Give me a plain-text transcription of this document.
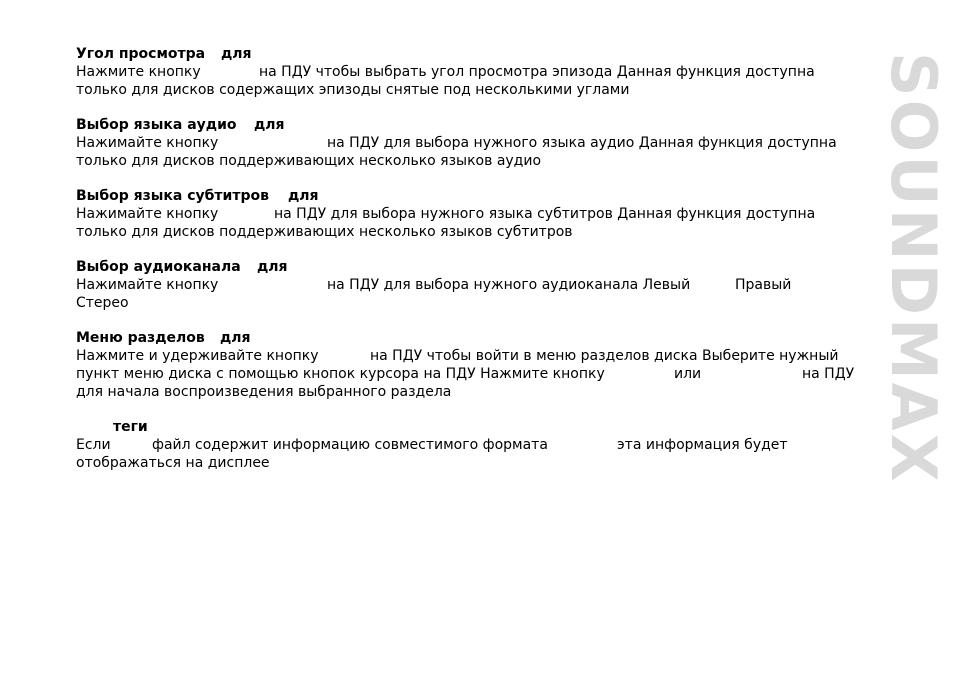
Угол просмотра для
Нажмите кнопку	на ПДУ чтобы выбрать угол просмотра эпизода Данная функция доступна
только для дисков содержащих эпизоды снятые под несколькими углами
Выбор языка аудио для
Нажимайте кнопку	на ПДУ для выбора нужного языка аудио Данная функция доступна
только для дисков поддерживающих несколько языков аудио
Выбор языка субтитров для
Нажимайте кнопку	на ПДУ для выбора нужного языка субтитров Данная функция доступна
только для дисков поддерживающих несколько языков субтитров
Выбор аудиоканала для
Нажимайте кнопку	на ПДУ для выбора нужного аудиоканала Левый	Правый
Стерео
Меню разделов для
Нажмите и удерживайте кнопку	на ПДУ чтобы войти в меню разделов диска Выберите нужный
пункт меню диска с помощью кнопок курсора на ПДУ Нажмите кнопку	или	на ПДУ
для начала воспроизведения выбранного раздела
теги
Если	файл содержит информацию совместимого формата	эта информация будет
отображаться на дисплее	SOUNDMAX
